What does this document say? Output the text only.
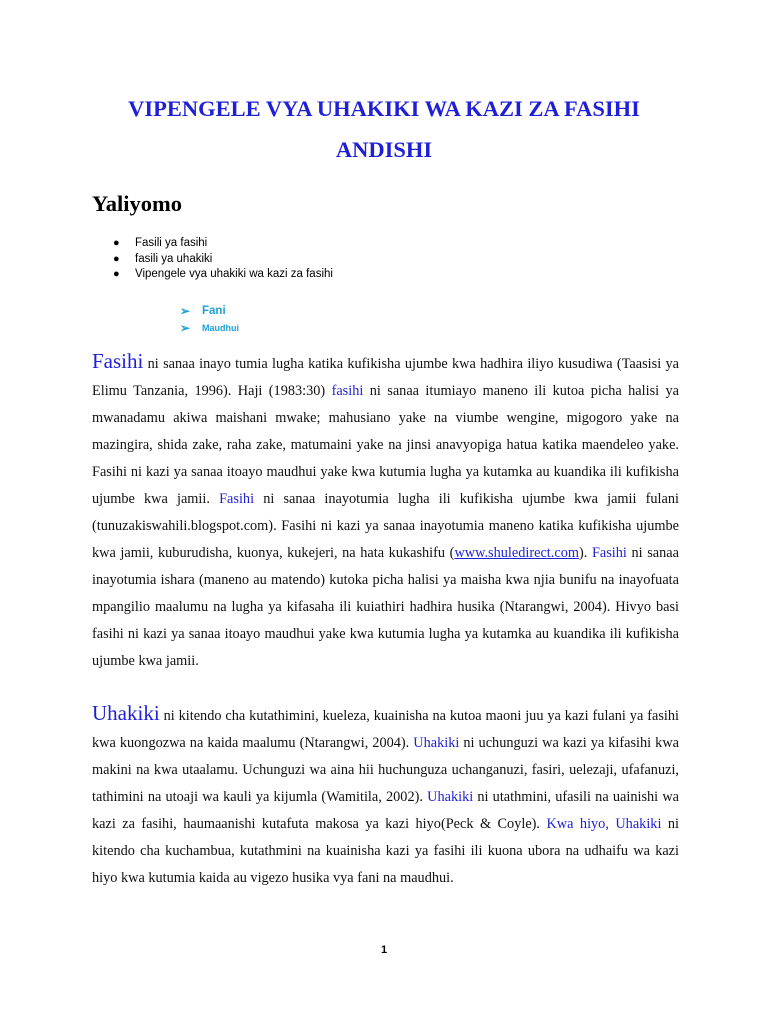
VIPENGELE VYA UHAKIKI WA KAZI ZA FASIHI
ANDISHI
Yaliyomo
● Fasili ya fasihi
● fasili ya uhakiki
● Vipengele vya uhakiki wa kazi za fasihi
➢ Fani
➢ Maudhui

Fasihi ni sanaa inayo tumia lugha katika kufikisha ujumbe kwa hadhira iliyo kusudiwa (Taasisi ya Elimu Tanzania, 1996). Haji (1983:30) fasihi ni sanaa itumiayo maneno ili kutoa picha halisi ya mwanadamu akiwa maishani mwake; mahusiano yake na viumbe wengine, migogoro yake na mazingira, shida zake, raha zake, matumaini yake na jinsi anavyopiga hatua katika maendeleo yake. Fasihi ni kazi ya sanaa itoayo maudhui yake kwa kutumia lugha ya kutamka au kuandika ili kufikisha ujumbe kwa jamii. Fasihi ni sanaa inayotumia lugha ili kufikisha ujumbe kwa jamii fulani (tunuzakiswahili.blogspot.com). Fasihi ni kazi ya sanaa inayotumia maneno katika kufikisha ujumbe kwa jamii, kuburudisha, kuonya, kukejeri, na hata kukashifu (www.shuledirect.com). Fasihi ni sanaa inayotumia ishara (maneno au matendo) kutoka picha halisi ya maisha kwa njia bunifu na inayofuata mpangilio maalumu na lugha ya kifasaha ili kuiathiri hadhira husika (Ntarangwi, 2004). Hivyo basi fasihi ni kazi ya sanaa itoayo maudhui yake kwa kutumia lugha ya kutamka au kuandika ili kufikisha ujumbe kwa jamii.

Uhakiki ni kitendo cha kutathimini, kueleza, kuainisha na kutoa maoni juu ya kazi fulani ya fasihi kwa kuongozwa na kaida maalumu (Ntarangwi, 2004). Uhakiki ni uchunguzi wa kazi ya kifasihi kwa makini na kwa utaalamu. Uchunguzi wa aina hii huchunguza uchanganuzi, fasiri, uelezaji, ufafanuzi, tathimini na utoaji wa kauli ya kijumla (Wamitila, 2002). Uhakiki ni utathmini, ufasili na uainishi wa kazi za fasihi, haumaanishi kutafuta makosa ya kazi hiyo(Peck & Coyle). Kwa hiyo, Uhakiki ni kitendo cha kuchambua, kutathmini na kuainisha kazi ya fasihi ili kuona ubora na udhaifu wa kazi hiyo kwa kutumia kaida au vigezo husika vya fani na maudhui.

1
